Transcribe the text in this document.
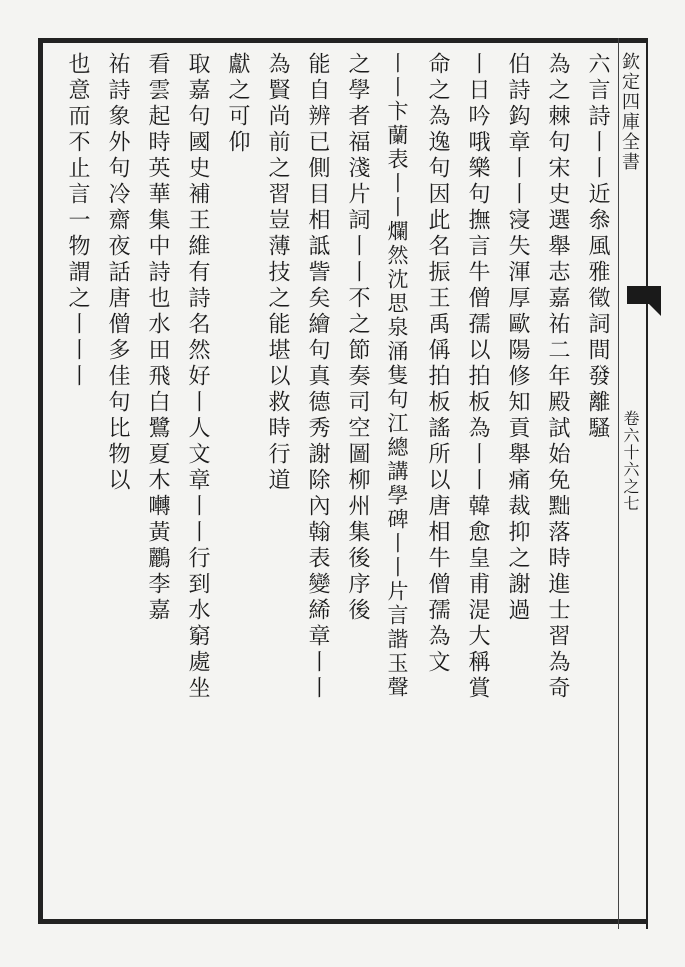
欽定四庫全書
卷六十六之七
六言詩丨丨近叅風雅徵詞間發離騷
為之棘句宋史選舉志嘉祐二年殿試始免黜落時進士習為奇
伯詩鈎章丨丨寖失渾厚歐陽修知貢舉痛裁抑之謝過
丨日吟哦樂句撫言牛僧孺以拍板為丨丨韓愈皇甫湜大稱賞
命之為逸句因此名振王禹偁拍板謠所以唐相牛僧孺為文
丨丨卞蘭表丨丨爛然沈思泉涌隻句江總講學碑丨丨片言諧玉聲
之學者福淺片詞丨丨不之節奏司空圖柳州集後序後
能自辨已側目相詆訾矣繪句真德秀謝除內翰表變絺章丨丨
為賢尚前之習豈薄技之能堪以救時行道
獻之可仰
取嘉句國史補王維有詩名然好丨人文章丨丨行到水窮處坐
看雲起時英華集中詩也水田飛白鷺夏木囀黃鸝李嘉
祐詩象外句冷齋夜話唐僧多佳句比物以
也意而不止言一物謂之丨丨丨
